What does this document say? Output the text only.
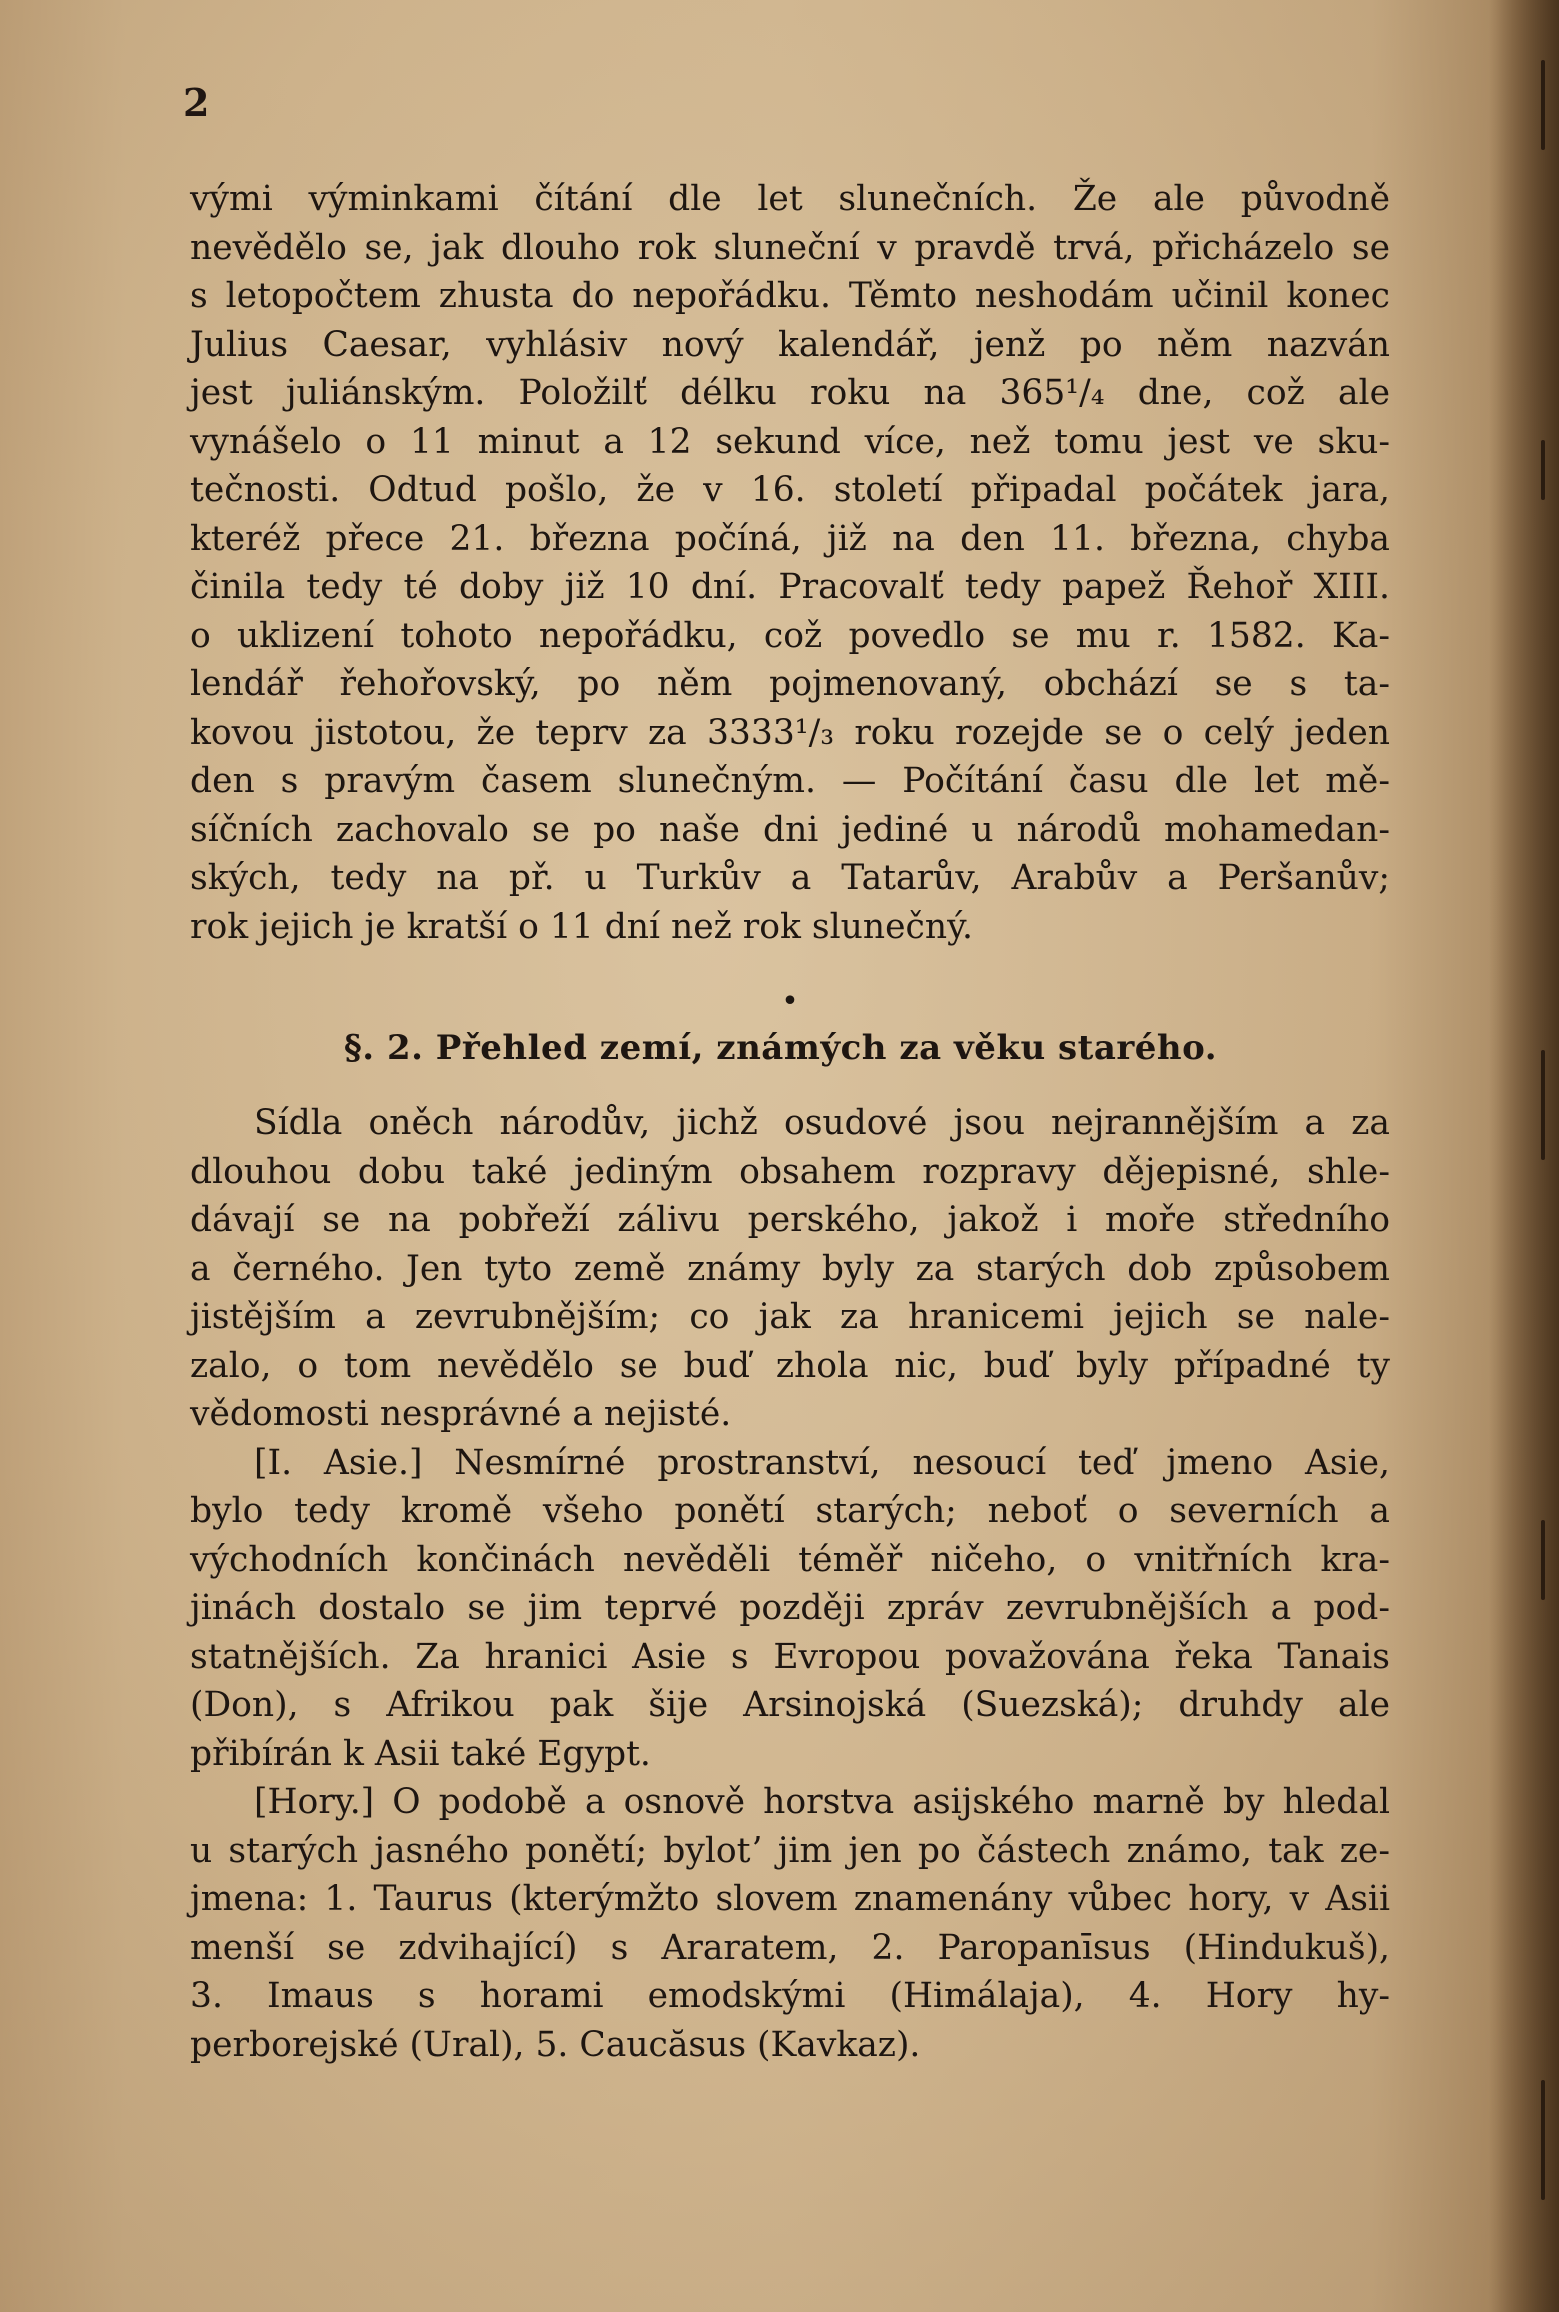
2

vými výminkami čítání dle let slunečních. Že ale původně
nevědělo se, jak dlouho rok sluneční v pravdě trvá, přicházelo se
s letopočtem zhusta do nepořádku. Těmto neshodám učinil konec
Julius Caesar, vyhlásiv nový kalendář, jenž po něm nazván
jest juliánským. Položilť délku roku na 365¹/₄ dne, což ale
vynášelo o 11 minut a 12 sekund více, než tomu jest ve sku-
tečnosti. Odtud pošlo, že v 16. století připadal počátek jara,
kteréž přece 21. března počíná, již na den 11. března, chyba
činila tedy té doby již 10 dní. Pracovalť tedy papež Řehoř XIII.
o uklizení tohoto nepořádku, což povedlo se mu r. 1582. Ka-
lendář řehořovský, po něm pojmenovaný, obchází se s ta-
kovou jistotou, že teprv za 3333¹/₃ roku rozejde se o celý jeden
den s pravým časem slunečným. — Počítání času dle let mě-
síčních zachovalo se po naše dni jediné u národů mohamedan-
ských, tedy na př. u Turkův a Tatarův, Arabův a Peršanův;
rok jejich je kratší o 11 dní než rok slunečný.
•
§. 2. Přehled zemí, známých za věku starého.
Sídla oněch národův, jichž osudové jsou nejrannějším a za
dlouhou dobu také jediným obsahem rozpravy dějepisné, shle-
dávají se na pobřeží zálivu perského, jakož i moře středního
a černého. Jen tyto země známy byly za starých dob způsobem
jistějším a zevrubnějším; co jak za hranicemi jejich se nale-
zalo, o tom nevědělo se buď zhola nic, buď byly případné ty
vědomosti nesprávné a nejisté.
[I. Asie.] Nesmírné prostranství, nesoucí teď jmeno Asie,
bylo tedy kromě všeho ponětí starých; neboť o severních a
východních končinách nevěděli téměř ničeho, o vnitřních kra-
jinách dostalo se jim teprvé později zpráv zevrubnějších a pod-
statnějších. Za hranici Asie s Evropou považována řeka Tanais
(Don), s Afrikou pak šije Arsinojská (Suezská); druhdy ale
přibírán k Asii také Egypt.
[Hory.] O podobě a osnově horstva asijského marně by hledal
u starých jasného ponětí; bylotʼ jim jen po částech známo, tak ze-
jmena: 1. Taurus (kterýmžto slovem znamenány vůbec hory, v Asii
menší se zdvihající) s Araratem, 2. Paropanīsus (Hindukuš),
3. Imaus s horami emodskými (Himálaja), 4. Hory hy-
perborejské (Ural), 5. Caucăsus (Kavkaz).
